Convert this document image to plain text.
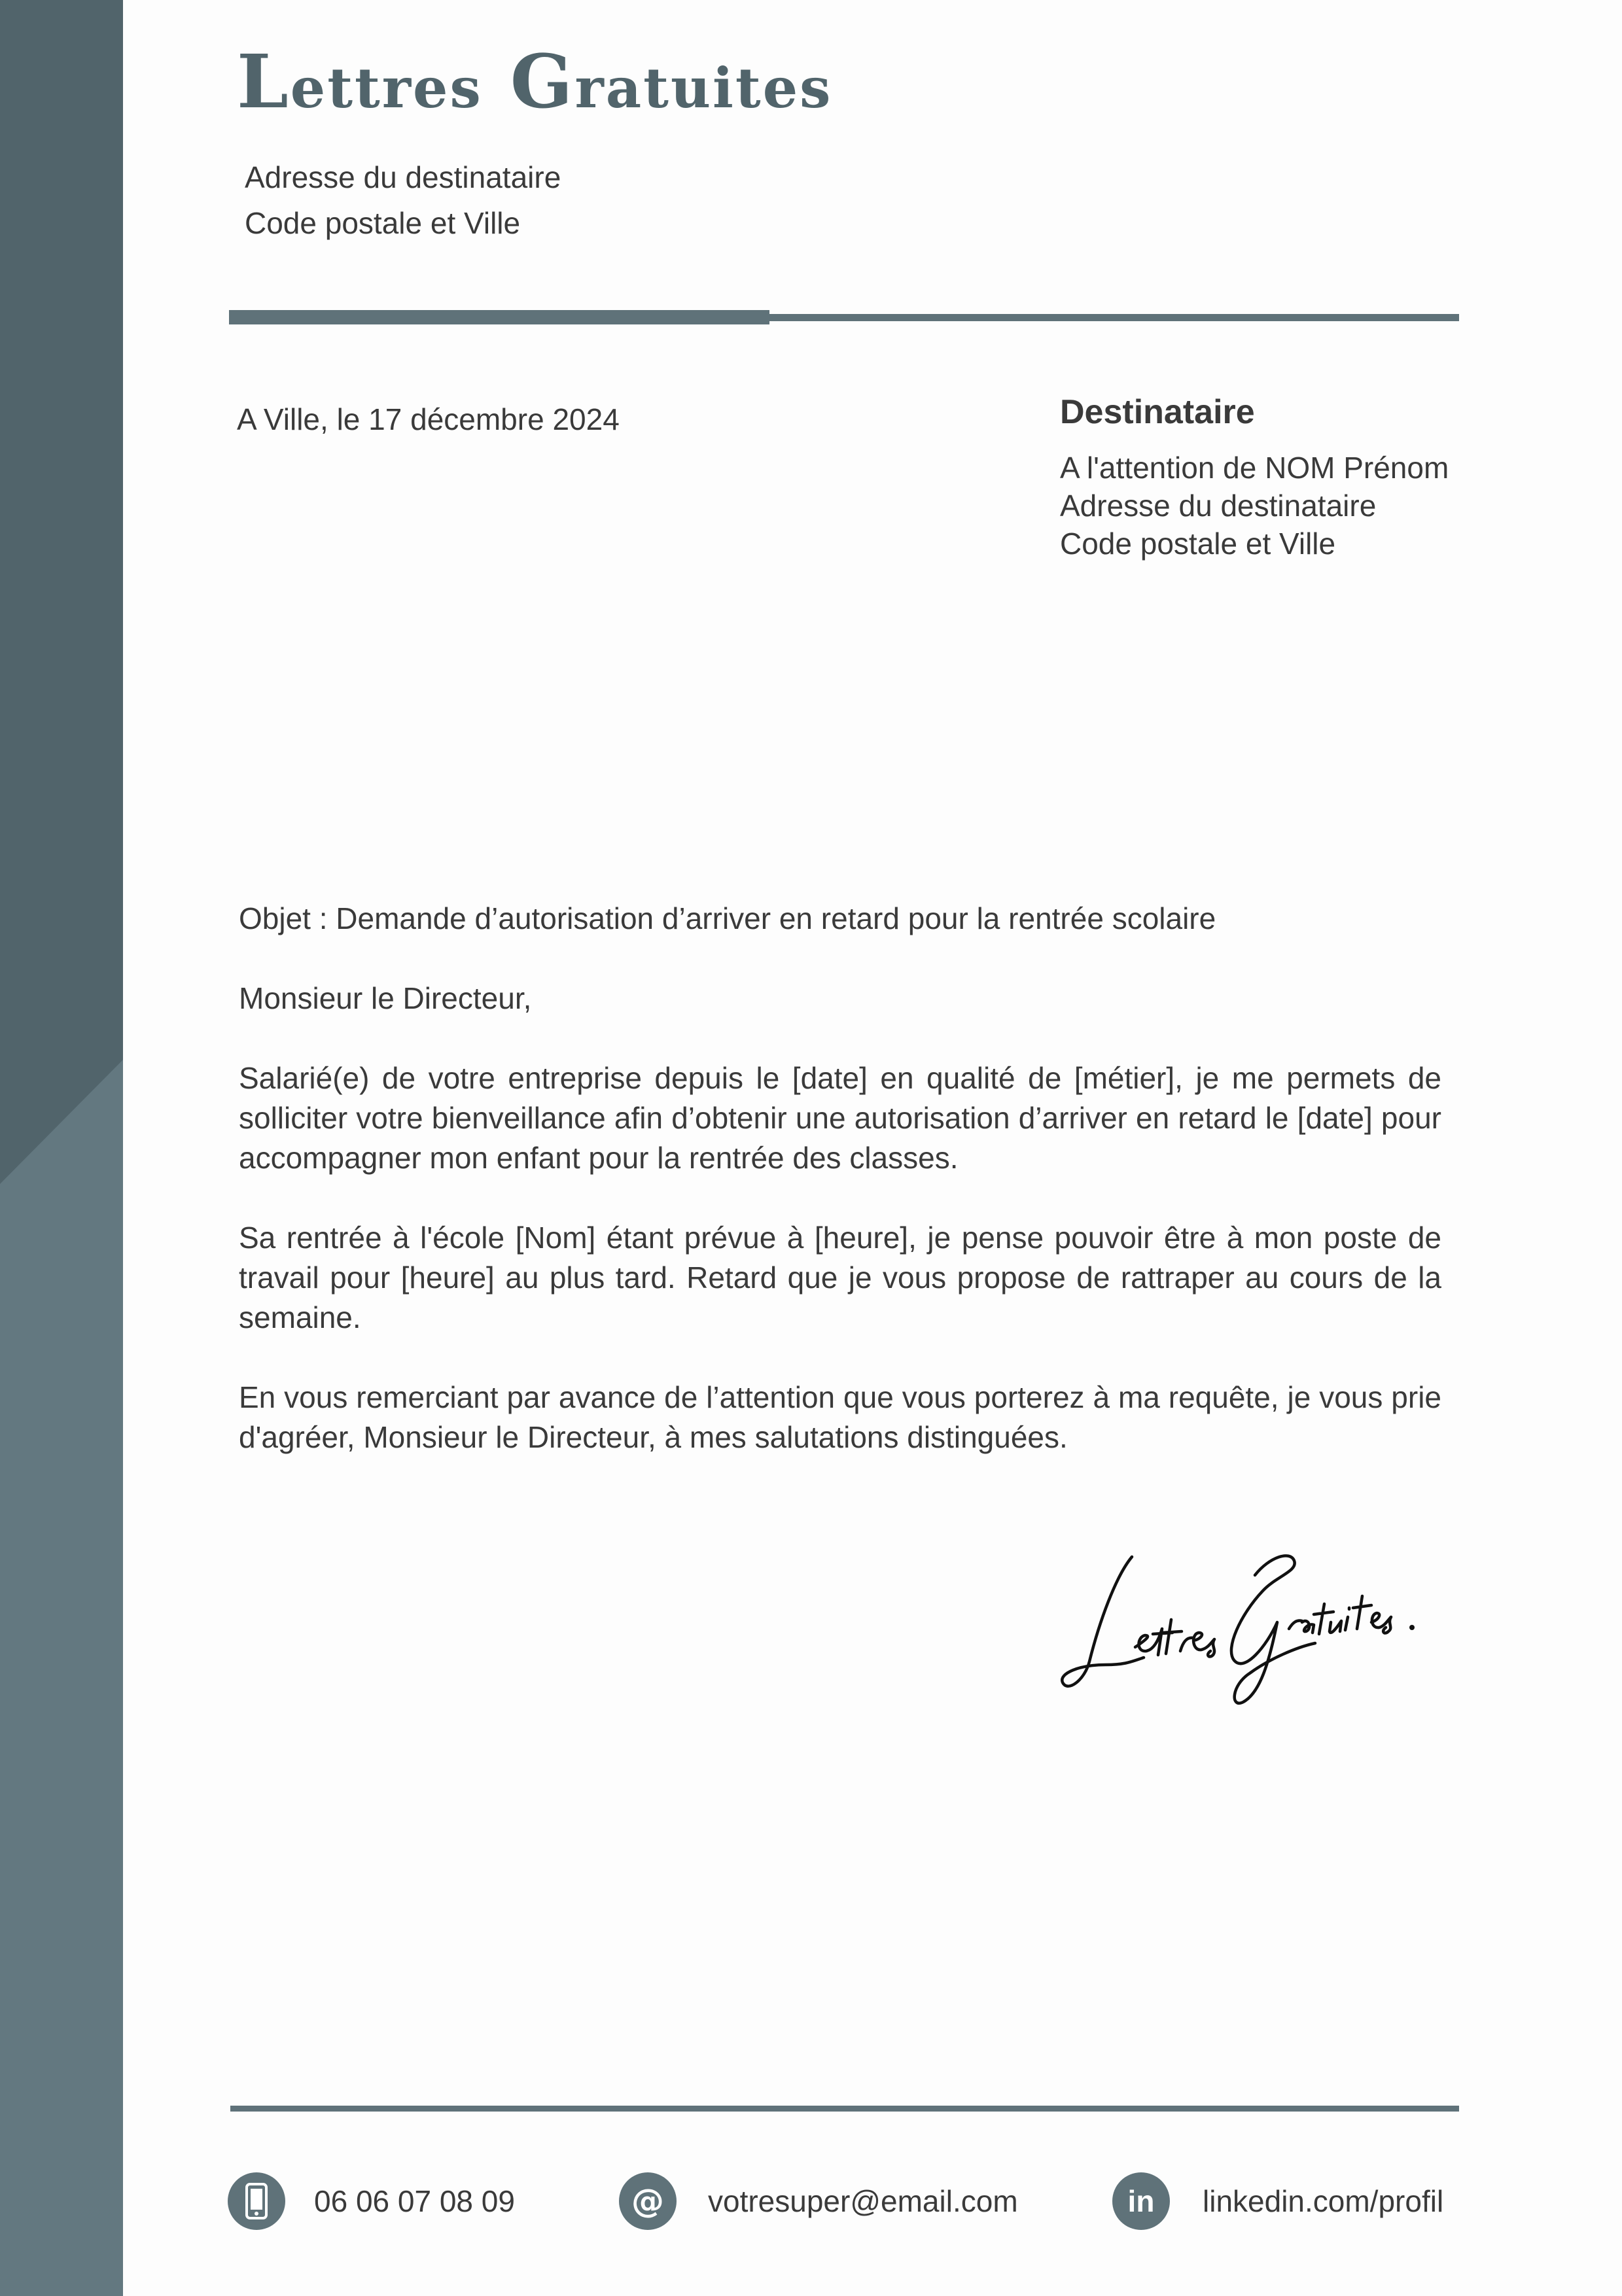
Lettres Gratuites
Adresse du destinataire
Code postale et Ville
A Ville, le 17 décembre 2024	Destinataire
A l'attention de NOM Prénom
Adresse du destinataire
Code postale et Ville

Objet : Demande d’autorisation d’arriver en retard pour la rentrée scolaire

Monsieur le Directeur,

Salarié(e) de votre entreprise depuis le [date] en qualité de [métier], je me permets de solliciter votre bienveillance afin d’obtenir une autorisation d’arriver en retard le [date] pour accompagner mon enfant pour la rentrée des classes.

Sa rentrée à l'école [Nom] étant prévue à [heure], je pense pouvoir être à mon poste de travail pour [heure] au plus tard. Retard que je vous propose de rattraper au cours de la semaine.

En vous remerciant par avance de l’attention que vous porterez à ma requête, je vous prie d'agréer, Monsieur le Directeur, à mes salutations distinguées.

06 06 07 08 09	@ votresuper@email.com	in linkedin.com/profil
